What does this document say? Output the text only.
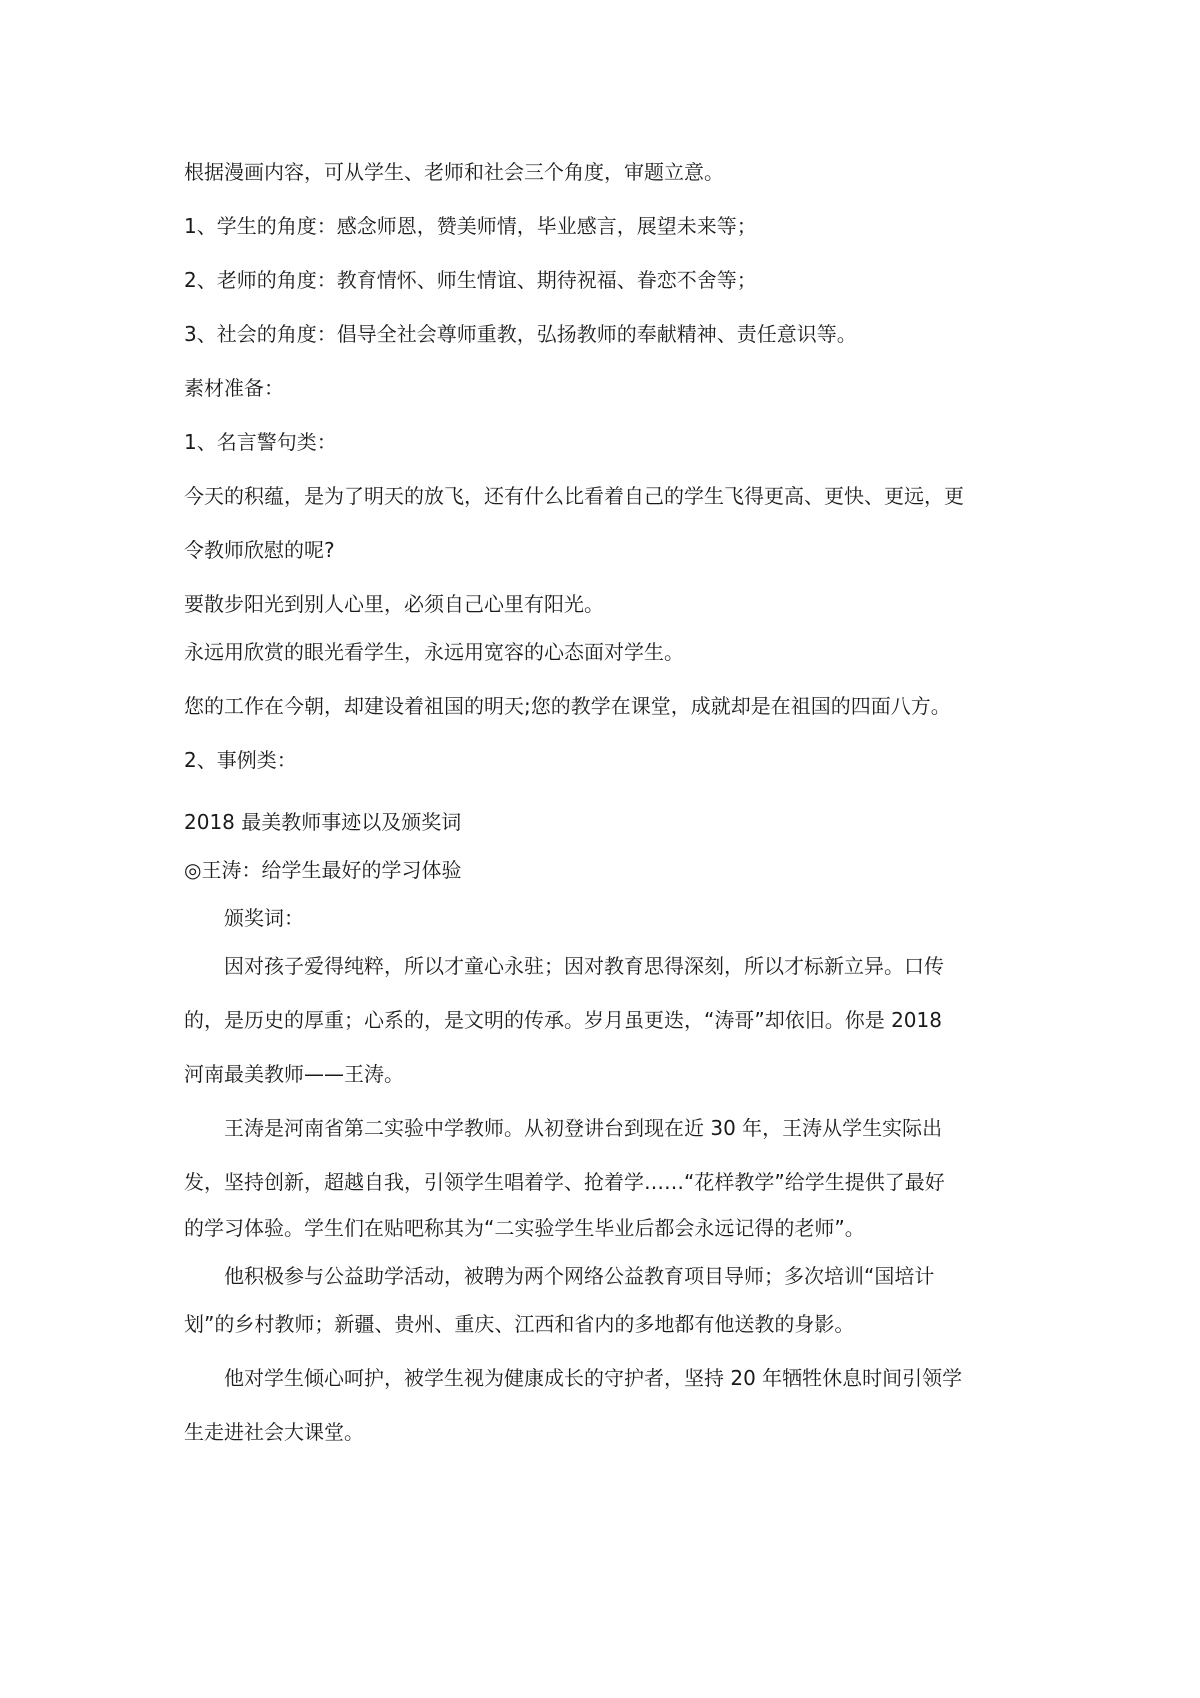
根据漫画内容，可从学生、老师和社会三个角度，审题立意。
1、学生的角度：感念师恩，赞美师情，毕业感言，展望未来等；
2、老师的角度：教育情怀、师生情谊、期待祝福、眷恋不舍等；
3、社会的角度：倡导全社会尊师重教，弘扬教师的奉献精神、责任意识等。
素材准备：
1、名言警句类：
今天的积蕴，是为了明天的放飞，还有什么比看着自己的学生飞得更高、更快、更远，更
令教师欣慰的呢?
要散步阳光到别人心里，必须自己心里有阳光。
永远用欣赏的眼光看学生，永远用宽容的心态面对学生。
您的工作在今朝，却建设着祖国的明天;您的教学在课堂，成就却是在祖国的四面八方。
2、事例类：
2018 最美教师事迹以及颁奖词
◎王涛：给学生最好的学习体验
颁奖词：
因对孩子爱得纯粹，所以才童心永驻；因对教育思得深刻，所以才标新立异。口传
的，是历史的厚重；心系的，是文明的传承。岁月虽更迭，“涛哥”却依旧。你是 2018
河南最美教师——王涛。
王涛是河南省第二实验中学教师。从初登讲台到现在近 30 年，王涛从学生实际出
发，坚持创新，超越自我，引领学生唱着学、抢着学……“花样教学”给学生提供了最好
的学习体验。学生们在贴吧称其为“二实验学生毕业后都会永远记得的老师”。
他积极参与公益助学活动，被聘为两个网络公益教育项目导师；多次培训“国培计
划”的乡村教师；新疆、贵州、重庆、江西和省内的多地都有他送教的身影。
他对学生倾心呵护，被学生视为健康成长的守护者，坚持 20 年牺牲休息时间引领学
生走进社会大课堂。
